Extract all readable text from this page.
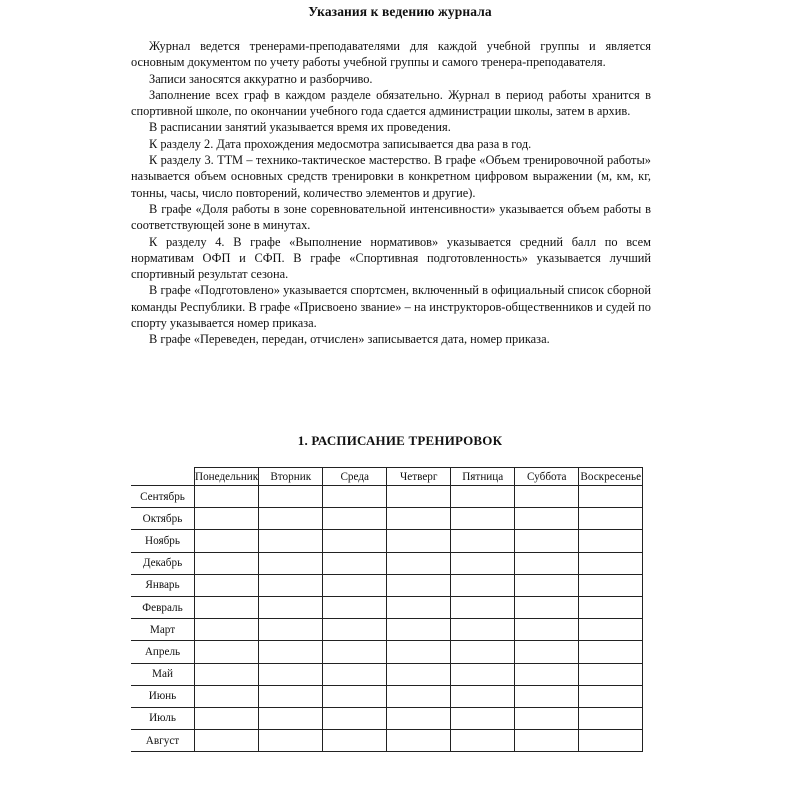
Указания к ведению журнала

Журнал ведется тренерами-преподавателями для каждой учебной группы и является основным документом по учету работы учебной группы и самого тренера-преподавателя.

Записи заносятся аккуратно и разборчиво.

Заполнение всех граф в каждом разделе обязательно. Журнал в период работы хранится в спортивной школе, по окончании учебного года сдается администрации школы, затем в архив.

В расписании занятий указывается время их проведения.

К разделу 2. Дата прохождения медосмотра записывается два раза в год.

К разделу 3. ТТМ – технико-тактическое мастерство. В графе «Объем тренировочной работы» называется объем основных средств тренировки в конкретном цифровом выражении (м, км, кг, тонны, часы, число повторений, количество элементов и другие).

В графе «Доля работы в зоне соревновательной интенсивности» указывается объем работы в соответствующей зоне в минутах.

К разделу 4. В графе «Выполнение нормативов» указывается средний балл по всем нормативам ОФП и СФП. В графе «Спортивная подготовленность» указывается лучший спортивный результат сезона.

В графе «Подготовлено» указывается спортсмен, включенный в официальный список сборной команды Республики. В графе «Присвоено звание» – на инструкторов-общественников и судей по спорту указывается номер приказа.

В графе «Переведен, передан, отчислен» записывается дата, номер приказа.

1. РАСПИСАНИЕ ТРЕНИРОВОК
	Понедельник	Вторник	Среда	Четверг	Пятница	Суббота	Воскресенье
Сентябрь							
Октябрь							
Ноябрь							
Декабрь							
Январь							
Февраль							
Март							
Апрель							
Май							
Июнь							
Июль							
Август							
